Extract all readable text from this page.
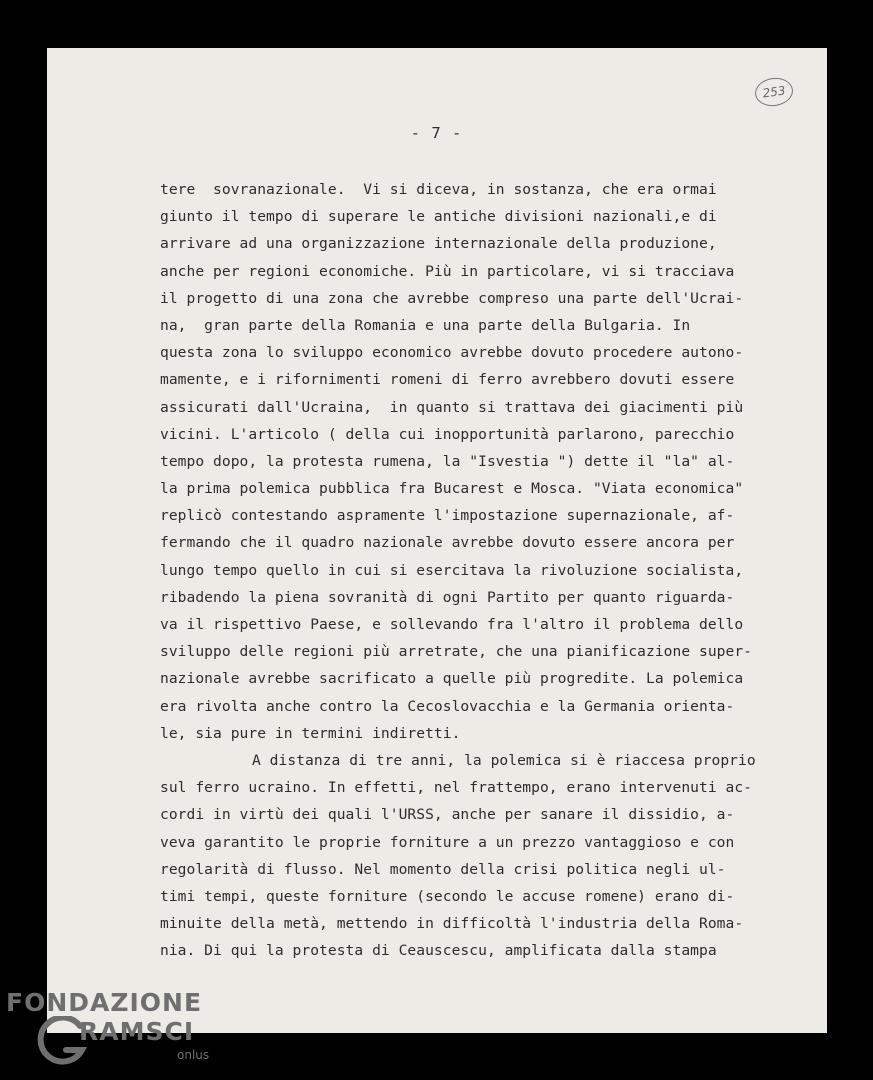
253
- 7 -
tere  sovranazionale.  Vi si diceva, in sostanza, che era ormai
giunto il tempo di superare le antiche divisioni nazionali,e di
arrivare ad una organizzazione internazionale della produzione,
anche per regioni economiche. Più in particolare, vi si tracciava
il progetto di una zona che avrebbe compreso una parte dell'Ucrai-
na,  gran parte della Romania e una parte della Bulgaria. In
questa zona lo sviluppo economico avrebbe dovuto procedere autono-
mamente, e i rifornimenti romeni di ferro avrebbero dovuti essere
assicurati dall'Ucraina,  in quanto si trattava dei giacimenti più
vicini. L'articolo ( della cui inopportunità parlarono, parecchio
tempo dopo, la protesta rumena, la "Isvestia ") dette il "la" al-
la prima polemica pubblica fra Bucarest e Mosca. "Viata economica"
replicò contestando aspramente l'impostazione supernazionale, af-
fermando che il quadro nazionale avrebbe dovuto essere ancora per
lungo tempo quello in cui si esercitava la rivoluzione socialista,
ribadendo la piena sovranità di ogni Partito per quanto riguarda-
va il rispettivo Paese, e sollevando fra l'altro il problema dello
sviluppo delle regioni più arretrate, che una pianificazione super-
nazionale avrebbe sacrificato a quelle più progredite. La polemica
era rivolta anche contro la Cecoslovacchia e la Germania orienta-
le, sia pure in termini indiretti.
A distanza di tre anni, la polemica si è riaccesa proprio
sul ferro ucraino. In effetti, nel frattempo, erano intervenuti ac-
cordi in virtù dei quali l'URSS, anche per sanare il dissidio, a-
veva garantito le proprie forniture a un prezzo vantaggioso e con
regolarità di flusso. Nel momento della crisi politica negli ul-
timi tempi, queste forniture (secondo le accuse romene) erano di-
minuite della metà, mettendo in difficoltà l'industria della Roma-
nia. Di qui la protesta di Ceauscescu, amplificata dalla stampa
FONDAZIONE
RAMSCI
onlus
